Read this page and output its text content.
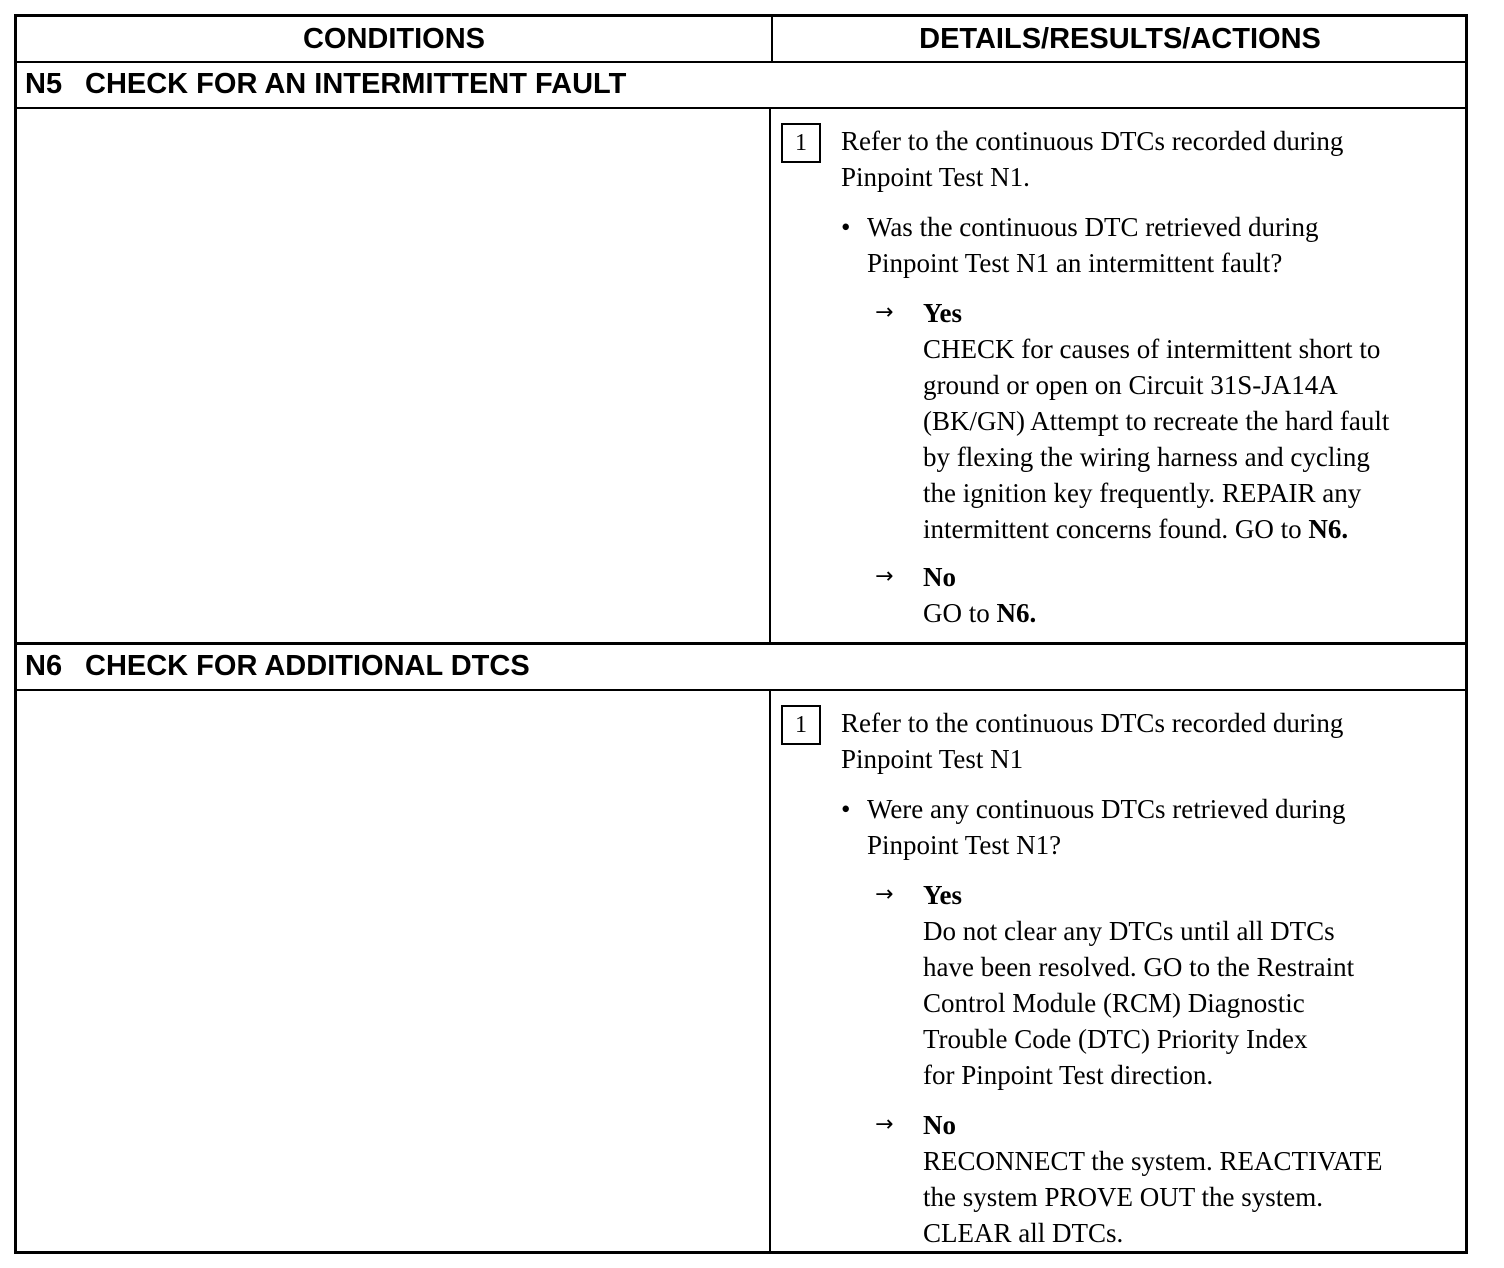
CONDITIONS	DETAILS/RESULTS/ACTIONS
N5 CHECK FOR AN INTERMITTENT FAULT
1	Refer to the continuous DTCs recorded during
Pinpoint Test N1.
• Was the continuous DTC retrieved during
Pinpoint Test N1 an intermittent fault?
→ Yes
CHECK for causes of intermittent short to
ground or open on Circuit 31S-JA14A
(BK/GN) Attempt to recreate the hard fault
by flexing the wiring harness and cycling
the ignition key frequently. REPAIR any
intermittent concerns found. GO to N6.
→ No
GO to N6.
N6 CHECK FOR ADDITIONAL DTCS
1	Refer to the continuous DTCs recorded during
Pinpoint Test N1
• Were any continuous DTCs retrieved during
Pinpoint Test N1?
→ Yes
Do not clear any DTCs until all DTCs
have been resolved. GO to the Restraint
Control Module (RCM) Diagnostic
Trouble Code (DTC) Priority Index
for Pinpoint Test direction.
→ No
RECONNECT the system. REACTIVATE
the system PROVE OUT the system.
CLEAR all DTCs.
